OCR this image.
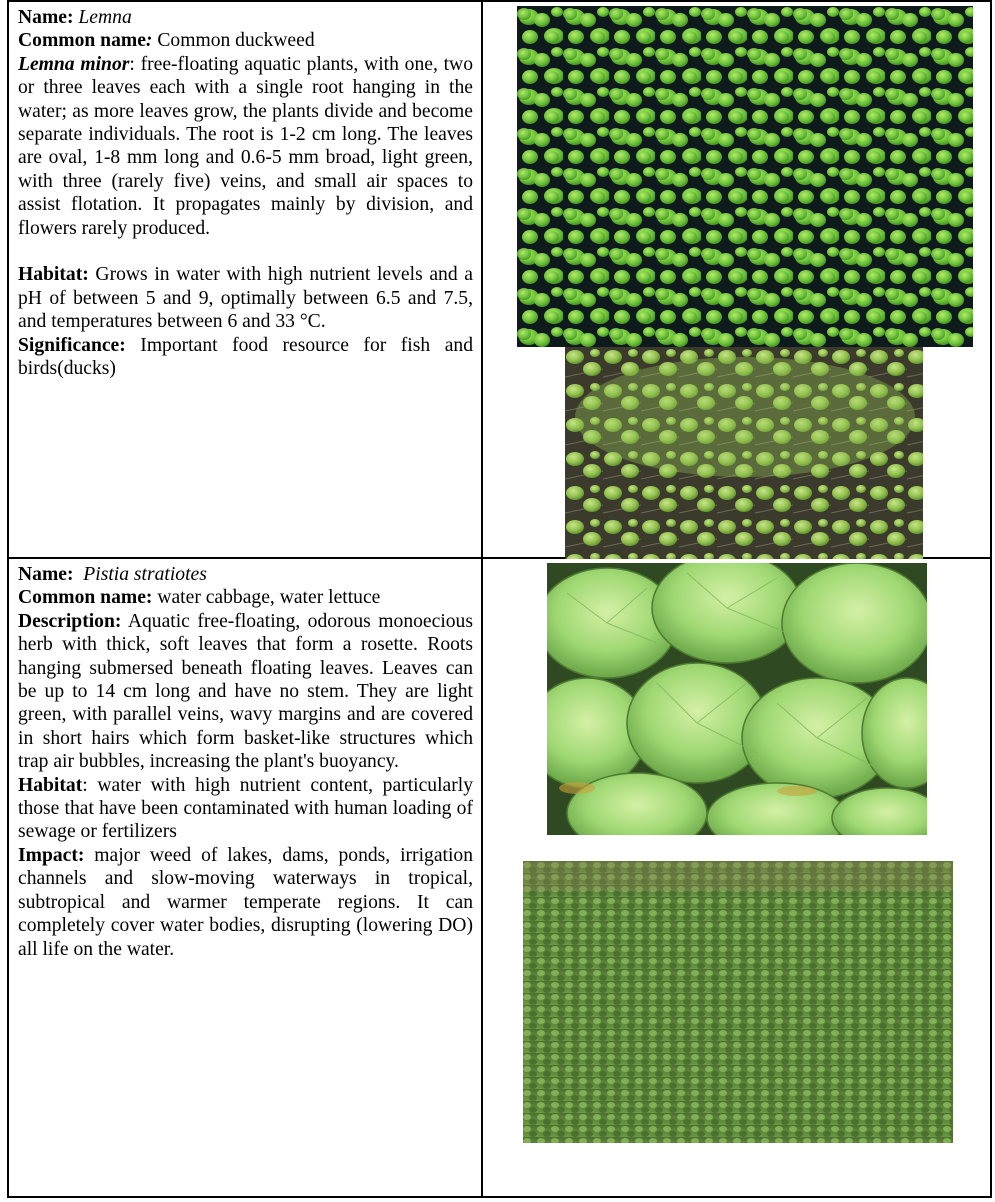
Name: Lemna

Common name: Common duckweed

Lemna minor: free-floating aquatic plants, with one, two or three leaves each with a single root hanging in the water; as more leaves grow, the plants divide and become separate individuals. The root is 1-2 cm long. The leaves are oval, 1-8 mm long and 0.6-5 mm broad, light green, with three (rarely five) veins, and small air spaces to assist flotation. It propagates mainly by division, and flowers rarely produced.

Habitat: Grows in water with high nutrient levels and a pH of between 5 and 9, optimally between 6.5 and 7.5, and temperatures between 6 and 33 °C.

Significance: Important food resource for fish and birds(ducks)

Name: Pistia stratiotes

Common name: water cabbage, water lettuce

Description: Aquatic free-floating, odorous monoecious herb with thick, soft leaves that form a rosette. Roots hanging submersed beneath floating leaves. Leaves can be up to 14 cm long and have no stem. They are light green, with parallel veins, wavy margins and are covered in short hairs which form basket-like structures which trap air bubbles, increasing the plant's buoyancy.

Habitat: water with high nutrient content, particularly those that have been contaminated with human loading of sewage or fertilizers

Impact: major weed of lakes, dams, ponds, irrigation channels and slow-moving waterways in tropical, subtropical and warmer temperate regions. It can completely cover water bodies, disrupting (lowering DO) all life on the water.
